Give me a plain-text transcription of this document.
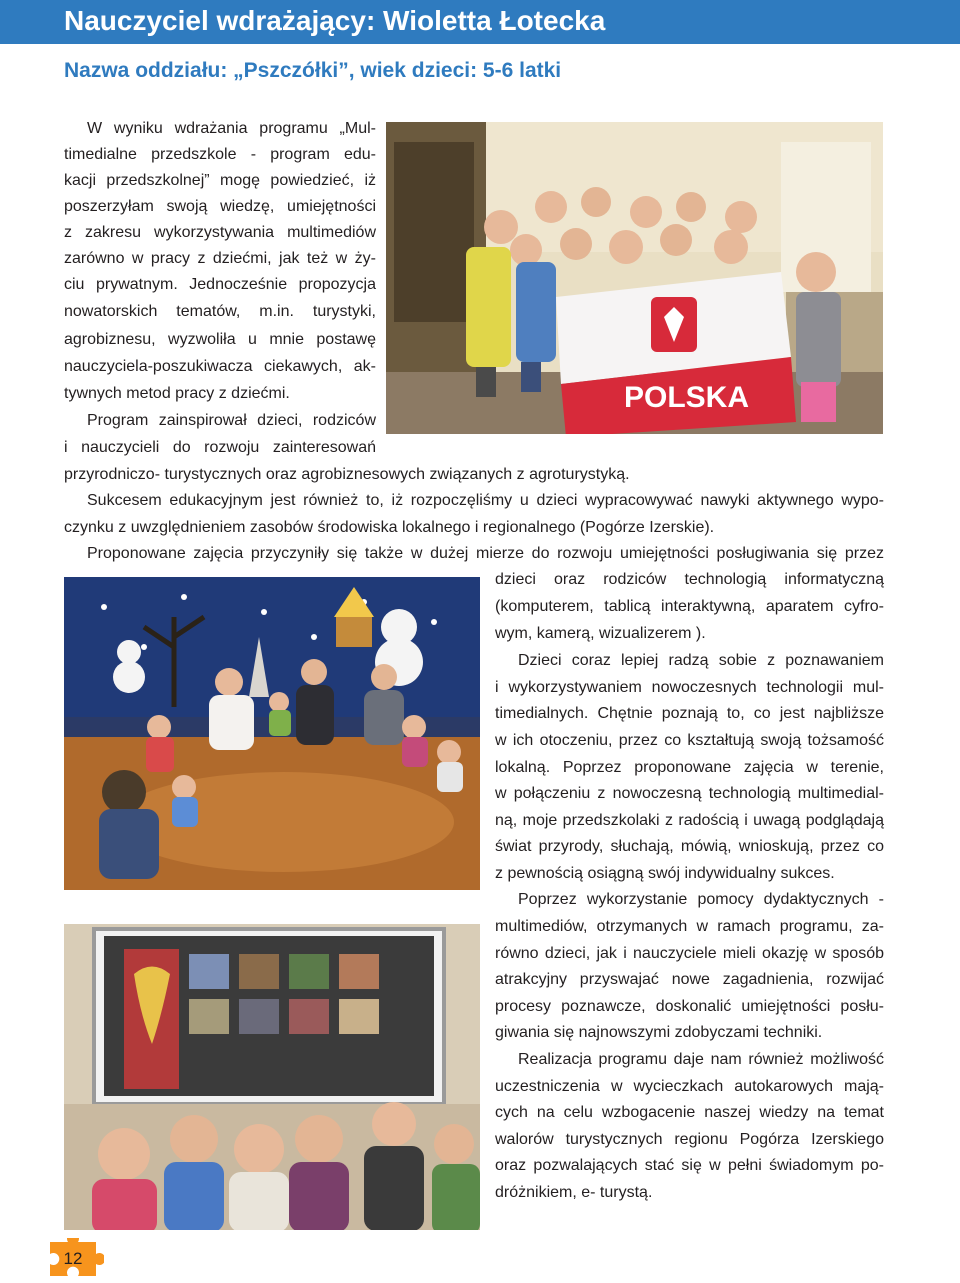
Nauczyciel wdrażający: Wioletta Łotecka
Nazwa oddziału: „Pszczółki”, wiek dzieci: 5-6 latki
POLSKA
W wyniku wdrażania programu „Mul-
timedialne przedszkole - program edu-
kacji przedszkolnej” mogę powiedzieć, iż
poszerzyłam swoją wiedzę, umiejętności
z zakresu wykorzystywania multimediów
zarówno w pracy z dziećmi, jak też w ży-
ciu prywatnym. Jednocześnie propozycja
nowatorskich tematów, m.in. turystyki,
agrobiznesu, wyzwoliła u mnie postawę
nauczyciela-poszukiwacza ciekawych, ak-
tywnych metod pracy z dziećmi.
Program zainspirował dzieci, rodziców
i nauczycieli do rozwoju zainteresowań
przyrodniczo- turystycznych oraz agrobiznesowych związanych z agroturystyką.
Sukcesem edukacyjnym jest również to, iż rozpoczęliśmy u dzieci wypracowywać nawyki aktywnego wypo-
czynku z uwzględnieniem zasobów środowiska lokalnego i regionalnego (Pogórze Izerskie).
Proponowane zajęcia przyczyniły się także w dużej mierze do rozwoju umiejętności posługiwania się przez
dzieci oraz rodziców technologią informatyczną
(komputerem, tablicą interaktywną, aparatem cyfro-
wym, kamerą, wizualizerem ).
Dzieci coraz lepiej radzą sobie z poznawaniem
i wykorzystywaniem nowoczesnych technologii mul-
timedialnych. Chętnie poznają to, co jest najbliższe
w ich otoczeniu, przez co kształtują swoją tożsamość
lokalną. Poprzez proponowane zajęcia w terenie,
w połączeniu z nowoczesną technologią multimedial-
ną, moje przedszkolaki z radością i uwagą podglądają
świat przyrody, słuchają, mówią, wnioskują, przez co
z pewnością osiągną swój indywidualny sukces.
Poprzez wykorzystanie pomocy dydaktycznych -
multimediów, otrzymanych w ramach programu, za-
równo dzieci, jak i nauczyciele mieli okazję w sposób
atrakcyjny przyswajać nowe zagadnienia, rozwijać
procesy poznawcze, doskonalić umiejętności posłu-
giwania się najnowszymi zdobyczami techniki.
Realizacja programu daje nam również możliwość
uczestniczenia w wycieczkach autokarowych mają-
cych na celu wzbogacenie naszej wiedzy na temat
walorów turystycznych regionu Pogórza Izerskiego
oraz pozwalających stać się w pełni świadomym po-
dróżnikiem, e- turystą.
12
